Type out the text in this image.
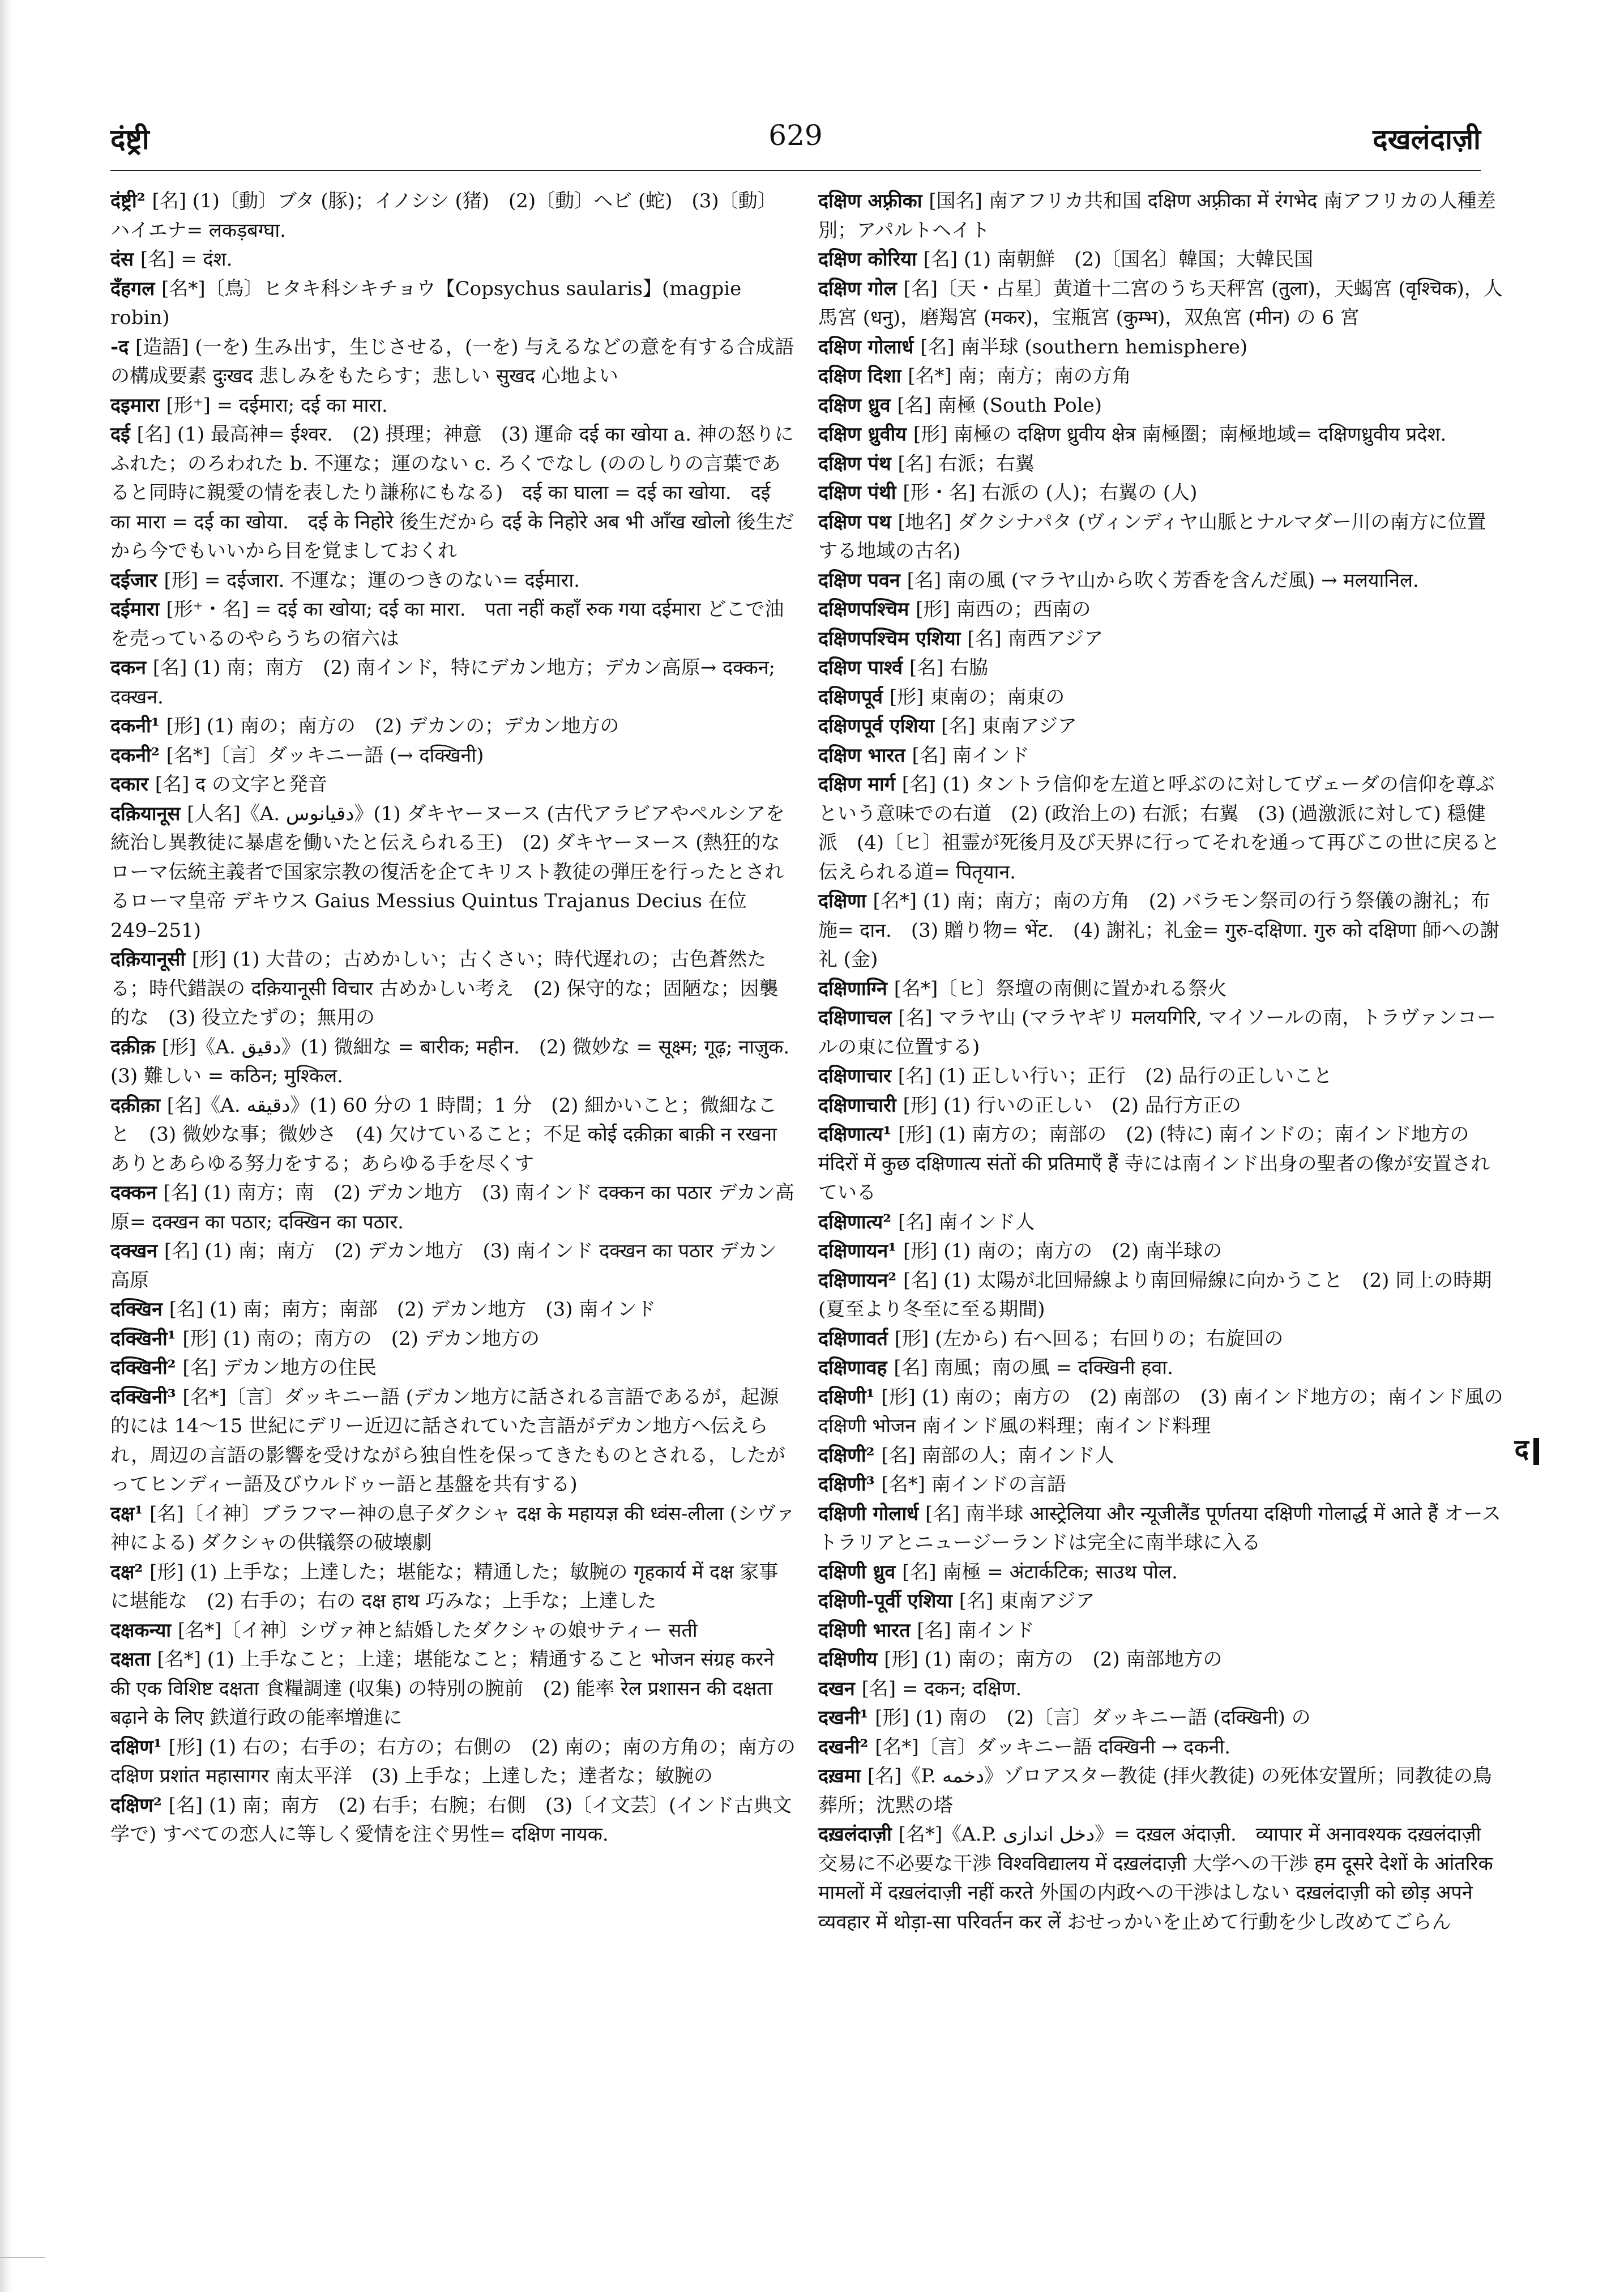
दंष्ट्री	629	दखलंदाज़ी

दंष्ट्री² [名] (1)〔動〕ブタ (豚)；イノシシ (猪)　(2)〔動〕ヘビ (蛇)　(3)〔動〕ハイエナ= लकड़बग्घा.

दंस [名] = दंश.

दँहगल [名*]〔鳥〕ヒタキ科シキチョウ【Copsychus saularis】(magpie robin)

-द [造語] (一を) 生み出す，生じさせる，(一を) 与えるなどの意を有する合成語の構成要素 दुःखद 悲しみをもたらす；悲しい सुखद 心地よい

दइमारा [形⁺] = दईमारा; दई का मारा.

दई [名] (1) 最高神= ईश्वर.　(2) 摂理；神意　(3) 運命 दई का खोया a. 神の怒りにふれた；のろわれた b. 不運な；運のない c. ろくでなし (ののしりの言葉であると同時に親愛の情を表したり謙称にもなる)　दई का घाला = दई का खोया.　दई का मारा = दई का खोया.　दई के निहोरे 後生だから दई के निहोरे अब भी आँख खोलो 後生だから今でもいいから目を覚ましておくれ

दईजार [形] = दईजारा. 不運な；運のつきのない= दईमारा.

दईमारा [形⁺・名] = दई का खोया; दई का मारा.　पता नहीं कहाँ रुक गया दईमारा どこで油を売っているのやらうちの宿六は

दकन [名] (1) 南；南方　(2) 南インド，特にデカン地方；デカン高原→ दक्कन; दक्खन.

दकनी¹ [形] (1) 南の；南方の　(2) デカンの；デカン地方の

दकनी² [名*]〔言〕ダッキニー語 (→ दक्खिनी)

दकार [名] द の文字と発音

दक़ियानूस [人名]《A. دقیانوس》(1) ダキヤーヌース (古代アラビアやペルシアを統治し異教徒に暴虐を働いたと伝えられる王)　(2) ダキヤーヌース (熱狂的なローマ伝統主義者で国家宗教の復活を企てキリスト教徒の弾圧を行ったとされるローマ皇帝 デキウス Gaius Messius Quintus Trajanus Decius 在位 249–251)

दक़ियानूसी [形] (1) 大昔の；古めかしい；古くさい；時代遅れの；古色蒼然たる；時代錯誤の दक़ियानूसी विचार 古めかしい考え　(2) 保守的な；固陋な；因襲的な　(3) 役立たずの；無用の

दक़ीक़ [形]《A. دقیق》(1) 微細な = बारीक; महीन.　(2) 微妙な = सूक्ष्म; गूढ़; नाज़ुक.　(3) 難しい = कठिन; मुश्किल.

दक़ीक़ा [名]《A. دقیقه》(1) 60 分の 1 時間；1 分　(2) 細かいこと；微細なこと　(3) 微妙な事；微妙さ　(4) 欠けていること；不足 कोई दक़ीक़ा बाक़ी न रखना ありとあらゆる努力をする；あらゆる手を尽くす

दक्कन [名] (1) 南方；南　(2) デカン地方　(3) 南インド दक्कन का पठार デカン高原= दक्खन का पठार; दक्खिन का पठार.

दक्खन [名] (1) 南；南方　(2) デカン地方　(3) 南インド दक्खन का पठार デカン高原

दक्खिन [名] (1) 南；南方；南部　(2) デカン地方　(3) 南インド

दक्खिनी¹ [形] (1) 南の；南方の　(2) デカン地方の

दक्खिनी² [名] デカン地方の住民

दक्खिनी³ [名*]〔言〕ダッキニー語 (デカン地方に話される言語であるが，起源的には 14〜15 世紀にデリー近辺に話されていた言語がデカン地方へ伝えられ，周辺の言語の影響を受けながら独自性を保ってきたものとされる，したがってヒンディー語及びウルドゥー語と基盤を共有する)

दक्ष¹ [名]〔イ神〕ブラフマー神の息子ダクシャ दक्ष के महायज्ञ की ध्वंस-लीला (シヴァ神による) ダクシャの供犠祭の破壊劇

दक्ष² [形] (1) 上手な；上達した；堪能な；精通した；敏腕の गृहकार्य में दक्ष 家事に堪能な　(2) 右手の；右の दक्ष हाथ 巧みな；上手な；上達した

दक्षकन्या [名*]〔イ神〕シヴァ神と結婚したダクシャの娘サティー सती

दक्षता [名*] (1) 上手なこと；上達；堪能なこと；精通すること भोजन संग्रह करने की एक विशिष्ट दक्षता 食糧調達 (収集) の特別の腕前　(2) 能率 रेल प्रशासन की दक्षता बढ़ाने के लिए 鉄道行政の能率増進に

दक्षिण¹ [形] (1) 右の；右手の；右方の；右側の　(2) 南の；南の方角の；南方の दक्षिण प्रशांत महासागर 南太平洋　(3) 上手な；上達した；達者な；敏腕の

दक्षिण² [名] (1) 南；南方　(2) 右手；右腕；右側　(3)〔イ文芸〕(インド古典文学で) すべての恋人に等しく愛情を注ぐ男性= दक्षिण नायक.

दक्षिण अफ़्रीका [国名] 南アフリカ共和国 दक्षिण अफ़्रीका में रंगभेद 南アフリカの人種差別；アパルトヘイト

दक्षिण कोरिया [名] (1) 南朝鮮　(2)〔国名〕韓国；大韓民国

दक्षिण गोल [名]〔天・占星〕黄道十二宮のうち天秤宮 (तुला)，天蝎宮 (वृश्चिक)，人馬宮 (धनु)，磨羯宮 (मकर)，宝瓶宮 (कुम्भ)，双魚宮 (मीन) の 6 宮

दक्षिण गोलार्ध [名] 南半球 (southern hemisphere)

दक्षिण दिशा [名*] 南；南方；南の方角

दक्षिण ध्रुव [名] 南極 (South Pole)

दक्षिण ध्रुवीय [形] 南極の दक्षिण ध्रुवीय क्षेत्र 南極圏；南極地域= दक्षिणध्रुवीय प्रदेश.

दक्षिण पंथ [名] 右派；右翼

दक्षिण पंथी [形・名] 右派の (人)；右翼の (人)

दक्षिण पथ [地名] ダクシナパタ (ヴィンディヤ山脈とナルマダー川の南方に位置する地域の古名)

दक्षिण पवन [名] 南の風 (マラヤ山から吹く芳香を含んだ風) → मलयानिल.

दक्षिणपश्चिम [形] 南西の；西南の

दक्षिणपश्चिम एशिया [名] 南西アジア

दक्षिण पार्श्व [名] 右脇

दक्षिणपूर्व [形] 東南の；南東の

दक्षिणपूर्व एशिया [名] 東南アジア

दक्षिण भारत [名] 南インド

दक्षिण मार्ग [名] (1) タントラ信仰を左道と呼ぶのに対してヴェーダの信仰を尊ぶという意味での右道　(2) (政治上の) 右派；右翼　(3) (過激派に対して) 穏健派　(4)〔ヒ〕祖霊が死後月及び天界に行ってそれを通って再びこの世に戻ると伝えられる道= पितृयान.

दक्षिणा [名*] (1) 南；南方；南の方角　(2) バラモン祭司の行う祭儀の謝礼；布施= दान.　(3) 贈り物= भेंट.　(4) 謝礼；礼金= गुरु-दक्षिणा. गुरु को दक्षिणा 師への謝礼 (金)

दक्षिणाग्नि [名*]〔ヒ〕祭壇の南側に置かれる祭火

दक्षिणाचल [名] マラヤ山 (マラヤギリ मलयगिरि, マイソールの南，トラヴァンコールの東に位置する)

दक्षिणाचार [名] (1) 正しい行い；正行　(2) 品行の正しいこと

दक्षिणाचारी [形] (1) 行いの正しい　(2) 品行方正の

दक्षिणात्य¹ [形] (1) 南方の；南部の　(2) (特に) 南インドの；南インド地方の मंदिरों में कुछ दक्षिणात्य संतों की प्रतिमाएँ हैं 寺には南インド出身の聖者の像が安置されている

दक्षिणात्य² [名] 南インド人

दक्षिणायन¹ [形] (1) 南の；南方の　(2) 南半球の

दक्षिणायन² [名] (1) 太陽が北回帰線より南回帰線に向かうこと　(2) 同上の時期 (夏至より冬至に至る期間)

दक्षिणावर्त [形] (左から) 右へ回る；右回りの；右旋回の

दक्षिणावह [名] 南風；南の風 = दक्खिनी हवा.

दक्षिणी¹ [形] (1) 南の；南方の　(2) 南部の　(3) 南インド地方の；南インド風の दक्षिणी भोजन 南インド風の料理；南インド料理

दक्षिणी² [名] 南部の人；南インド人

दक्षिणी³ [名*] 南インドの言語

दक्षिणी गोलार्ध [名] 南半球 आस्ट्रेलिया और न्यूजीलैंड पूर्णतया दक्षिणी गोलार्द्ध में आते हैं オーストラリアとニュージーランドは完全に南半球に入る

दक्षिणी ध्रुव [名] 南極 = अंटार्कटिक; साउथ पोल.

दक्षिणी-पूर्वी एशिया [名] 東南アジア

दक्षिणी भारत [名] 南インド

दक्षिणीय [形] (1) 南の；南方の　(2) 南部地方の

दखन [名] = दकन; दक्षिण.

दखनी¹ [形] (1) 南の　(2)〔言〕ダッキニー語 (दक्खिनी) の

दखनी² [名*]〔言〕ダッキニー語 दक्खिनी → दकनी.

दख़मा [名]《P. دخمه》ゾロアスター教徒 (拝火教徒) の死体安置所；同教徒の鳥葬所；沈黙の塔

दख़लंदाज़ी [名*]《A.P. دخل اندازی》= दख़ल अंदाज़ी.　व्यापार में अनावश्यक दख़लंदाज़ी 交易に不必要な干渉 विश्वविद्यालय में दख़लंदाज़ी 大学への干渉 हम दूसरे देशों के आंतरिक मामलों में दख़लंदाज़ी नहीं करते 外国の内政への干渉はしない दख़लंदाज़ी को छोड़ अपने व्यवहार में थोड़ा-सा परिवर्तन कर लें おせっかいを止めて行動を少し改めてごらん

द
